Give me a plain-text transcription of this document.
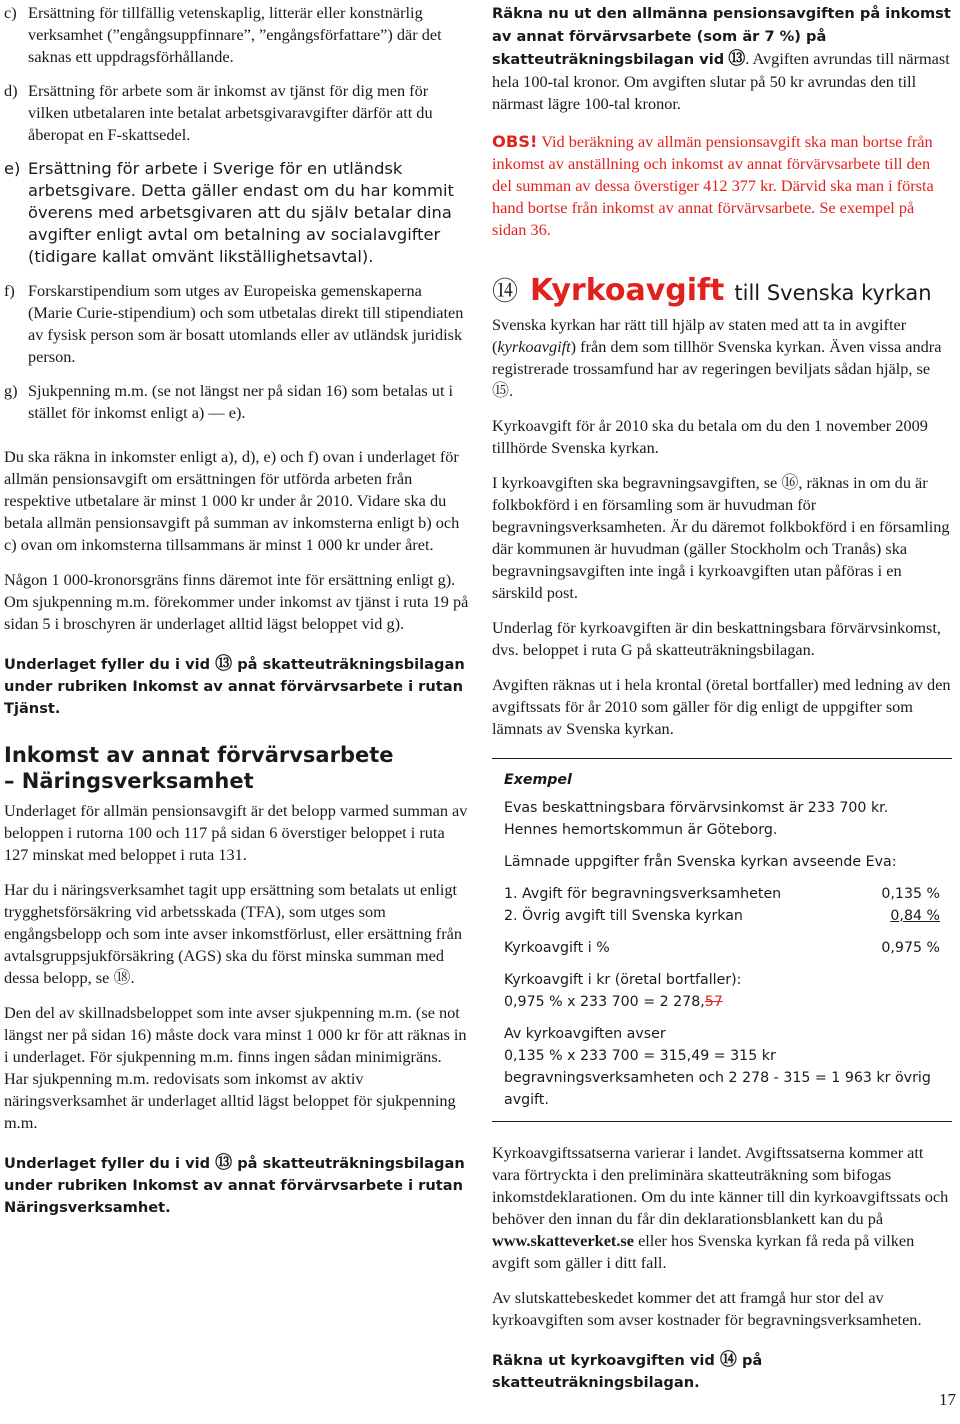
c) Ersättning för tillfällig vetenskaplig, litterär eller konstnärlig verksamhet (”engångsuppfinnare”, ”engångsförfattare”) där det saknas ett uppdragsförhållande.
d) Ersättning för arbete som är inkomst av tjänst för dig men för vilken utbetalaren inte betalat arbetsgivaravgifter därför att du åberopat en F-skattsedel.
e) Ersättning för arbete i Sverige för en utländsk arbetsgivare. Detta gäller endast om du har kommit överens med arbetsgivaren att du själv betalar dina avgifter enligt avtal om betalning av socialavgifter (tidigare kallat omvänt likställighetsavtal).
f) Forskarstipendium som utges av Europeiska gemenskaperna (Marie Curie-stipendium) och som utbetalas direkt till stipendiaten av fysisk person som är bosatt utomlands eller av utländsk juridisk person.
g) Sjukpenning m.m. (se not längst ner på sidan 16) som betalas ut i stället för inkomst enligt a) — e).

Du ska räkna in inkomster enligt a), d), e) och f) ovan i underlaget för allmän pensionsavgift om ersättningen för utförda arbeten från respektive utbetalare är minst 1 000 kr under år 2010. Vidare ska du betala allmän pensionsavgift på summan av inkomsterna enligt b) och c) ovan om inkomsterna tillsammans är minst 1 000 kr under året.

Någon 1 000-kronorsgräns finns däremot inte för ersättning enligt g). Om sjukpenning m.m. förekommer under inkomst av tjänst i ruta 19 på sidan 5 i broschyren är underlaget alltid lägst beloppet vid g).

Underlaget fyller du i vid ⑬ på skatteuträkningsbilagan under rubriken Inkomst av annat förvärvsarbete i rutan Tjänst.

Inkomst av annat förvärvsarbete
– Näringsverksamhet

Underlaget för allmän pensionsavgift är det belopp varmed summan av beloppen i rutorna 100 och 117 på sidan 6 överstiger beloppet i ruta 127 minskat med beloppet i ruta 131.

Har du i näringsverksamhet tagit upp ersättning som betalats ut enligt trygghetsförsäkring vid arbetsskada (TFA), som utges som engångsbelopp och som inte avser inkomstförlust, eller ersättning från avtalsgruppsjukförsäkring (AGS) ska du först minska summan med dessa belopp, se ⑱.

Den del av skillnadsbeloppet som inte avser sjukpenning m.m. (se not längst ner på sidan 16) måste dock vara minst 1 000 kr för att räknas in i underlaget. För sjukpenning m.m. finns ingen sådan minimigräns. Har sjukpenning m.m. redovisats som inkomst av aktiv näringsverksamhet är underlaget alltid lägst beloppet för sjukpenning m.m.

Underlaget fyller du i vid ⑬ på skatteuträkningsbilagan under rubriken Inkomst av annat förvärvsarbete i rutan Näringsverksamhet.

Räkna nu ut den allmänna pensionsavgiften på inkomst av annat förvärvsarbete (som är 7 %) på skatteuträkningsbilagan vid ⑬. Avgiften avrundas till närmast hela 100-tal kronor. Om avgiften slutar på 50 kr avrundas den till närmast lägre 100-tal kronor.

OBS! Vid beräkning av allmän pensionsavgift ska man bortse från inkomst av anställning och inkomst av annat förvärvsarbete till den del summan av dessa överstiger 412 377 kr. Därvid ska man i första hand bortse från inkomst av annat förvärvsarbete. Se exempel på sidan 36.

⑭ Kyrkoavgift till Svenska kyrkan

Svenska kyrkan har rätt till hjälp av staten med att ta in avgifter (kyrkoavgift) från dem som tillhör Svenska kyrkan. Även vissa andra registrerade trossamfund har av regeringen beviljats sådan hjälp, se ⑮.

Kyrkoavgift för år 2010 ska du betala om du den 1 november 2009 tillhörde Svenska kyrkan.

I kyrkoavgiften ska begravningsavgiften, se ⑯, räknas in om du är folkbokförd i en församling som är huvudman för begravningsverksamheten. Är du däremot folkbokförd i en församling där kommunen är huvudman (gäller Stockholm och Tranås) ska begravningsavgiften inte ingå i kyrkoavgiften utan påföras i en särskild post.

Underlag för kyrkoavgiften är din beskattningsbara förvärvsinkomst, dvs. beloppet i ruta G på skatteuträkningsbilagan.

Avgiften räknas ut i hela krontal (öretal bortfaller) med ledning av den avgiftssats för år 2010 som gäller för dig enligt de uppgifter som lämnats av Svenska kyrkan.

Exempel
Evas beskattningsbara förvärvsinkomst är 233 700 kr.
Hennes hemortskommun är Göteborg.
Lämnade uppgifter från Svenska kyrkan avseende Eva:
1. Avgift för begravningsverksamheten	0,135 %
2. Övrig avgift till Svenska kyrkan	0,84 %
Kyrkoavgift i %	0,975 %
Kyrkoavgift i kr (öretal bortfaller):
0,975 % x 233 700 = 2 278,57
Av kyrkoavgiften avser
0,135 % x 233 700 = 315,49 = 315 kr begravningsverksamheten och 2 278 - 315 = 1 963 kr övrig avgift.

Kyrkoavgiftssatserna varierar i landet. Avgiftssatserna kommer att vara förtryckta i den preliminära skatteuträkning som bifogas inkomstdeklarationen. Om du inte känner till din kyrkoavgiftssats och behöver den innan du får din deklarationsblankett kan du på www.skatteverket.se eller hos Svenska kyrkan få reda på vilken avgift som gäller i ditt fall.

Av slutskattebeskedet kommer det att framgå hur stor del av kyrkoavgiften som avser kostnader för begravningsverksamheten.

Räkna ut kyrkoavgiften vid ⑭ på skatteuträkningsbilagan.

17
